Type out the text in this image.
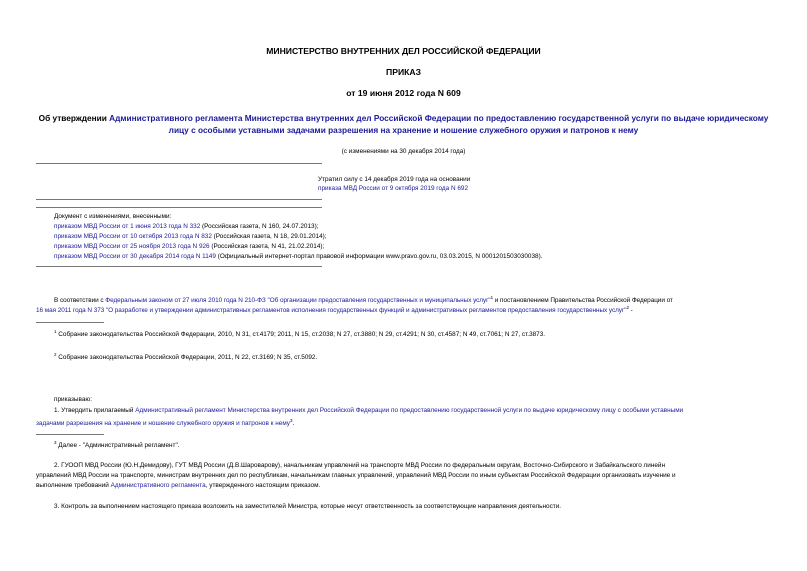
МИНИСТЕРСТВО ВНУТРЕННИХ ДЕЛ РОССИЙСКОЙ ФЕДЕРАЦИИ
ПРИКАЗ
от 19 июня 2012 года N 609
Об утверждении Административного регламента Министерства внутренних дел Российской Федерации по предоставлению государственной услуги по выдаче юридическому лицу с особыми уставными задачами разрешения на хранение и ношение служебного оружия и патронов к нему
(с изменениями на 30 декабря 2014 года)
Утратил силу с 14 декабря 2019 года на основании
приказа МВД России от 9 октября 2019 года N 692
Документ с изменениями, внесенными:
приказом МВД России от 1 июня 2013 года N 332 (Российская газета, N 160, 24.07.2013);
приказом МВД России от 10 октября 2013 года N 832 (Российская газета, N 18, 29.01.2014);
приказом МВД России от 25 ноября 2013 года N 926 (Российская газета, N 41, 21.02.2014);
приказом МВД России от 30 декабря 2014 года N 1149 (Официальный интернет-портал правовой информации www.pravo.gov.ru, 03.03.2015, N 0001201503030038).
В соответствии с Федеральным законом от 27 июля 2010 года N 210-ФЗ "Об организации предоставления государственных и муниципальных услуг"$^1$ и постановлением Правительства Российской Федерации от
16 мая 2011 года N 373 "О разработке и утверждении административных регламентов исполнения государственных функций и административных регламентов предоставления государственных услуг"$^2$ -
$^1$ Собрание законодательства Российской Федерации, 2010, N 31, ст.4179; 2011, N 15, ст.2038; N 27, ст.3880; N 29, ст.4291; N 30, ст.4587; N 49, ст.7061; N 27, ст.3873.
$^2$ Собрание законодательства Российской Федерации, 2011, N 22, ст.3169; N 35, ст.5092.
приказываю:
1. Утвердить прилагаемый Административный регламент Министерства внутренних дел Российской Федерации по предоставлению государственной услуги по выдаче юридическому лицу с особыми уставными
задачами разрешения на хранение и ношение служебного оружия и патронов к нему$^3$.
$^3$ Далее - "Административный регламент".
2. ГУООП МВД России (Ю.Н.Демидову), ГУТ МВД России (Д.В.Шароварову), начальникам управлений на транспорте МВД России по федеральным округам, Восточно-Сибирского и Забайкальского линейн
управлений МВД России на транспорте, министрам внутренних дел по республикам, начальникам главных управлений, управлений МВД России по иным субъектам Российской Федерации организовать изучение и
выполнение требований Административного регламента, утвержденного настоящим приказом.
3. Контроль за выполнением настоящего приказа возложить на заместителей Министра, которые несут ответственность за соответствующие направления деятельности.
